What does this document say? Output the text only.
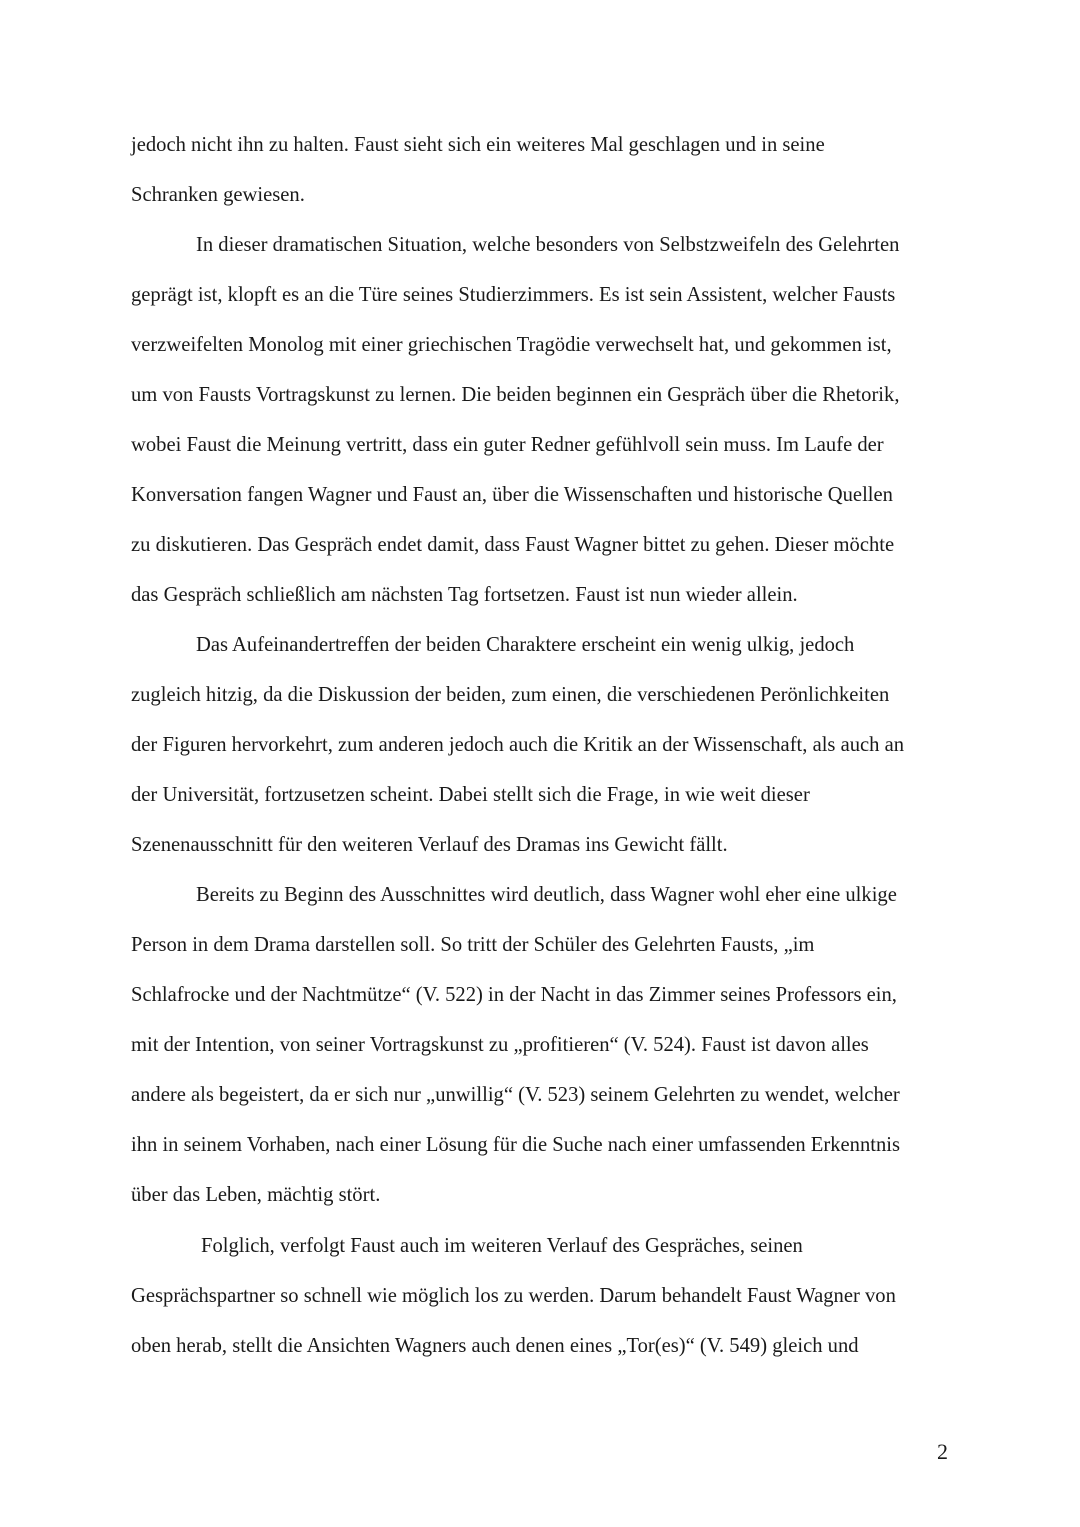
jedoch nicht ihn zu halten. Faust sieht sich ein weiteres Mal geschlagen und in seine
Schranken gewiesen.
In dieser dramatischen Situation, welche besonders von Selbstzweifeln des Gelehrten
geprägt ist, klopft es an die Türe seines Studierzimmers. Es ist sein Assistent, welcher Fausts
verzweifelten Monolog mit einer griechischen Tragödie verwechselt hat, und gekommen ist,
um von Fausts Vortragskunst zu lernen. Die beiden beginnen ein Gespräch über die Rhetorik,
wobei Faust die Meinung vertritt, dass ein guter Redner gefühlvoll sein muss. Im Laufe der
Konversation fangen Wagner und Faust an, über die Wissenschaften und historische Quellen
zu diskutieren. Das Gespräch endet damit, dass Faust Wagner bittet zu gehen. Dieser möchte
das Gespräch schließlich am nächsten Tag fortsetzen. Faust ist nun wieder allein.
Das Aufeinandertreffen der beiden Charaktere erscheint ein wenig ulkig, jedoch
zugleich hitzig, da die Diskussion der beiden, zum einen, die verschiedenen Perönlichkeiten
der Figuren hervorkehrt, zum anderen jedoch auch die Kritik an der Wissenschaft, als auch an
der Universität, fortzusetzen scheint. Dabei stellt sich die Frage, in wie weit dieser
Szenenausschnitt für den weiteren Verlauf des Dramas ins Gewicht fällt.
Bereits zu Beginn des Ausschnittes wird deutlich, dass Wagner wohl eher eine ulkige
Person in dem Drama darstellen soll. So tritt der Schüler des Gelehrten Fausts, „im
Schlafrocke und der Nachtmütze“ (V. 522) in der Nacht in das Zimmer seines Professors ein,
mit der Intention, von seiner Vortragskunst zu „profitieren“ (V. 524). Faust ist davon alles
andere als begeistert, da er sich nur „unwillig“ (V. 523) seinem Gelehrten zu wendet, welcher
ihn in seinem Vorhaben, nach einer Lösung für die Suche nach einer umfassenden Erkenntnis
über das Leben, mächtig stört.
Folglich, verfolgt Faust auch im weiteren Verlauf des Gespräches, seinen
Gesprächspartner so schnell wie möglich los zu werden. Darum behandelt Faust Wagner von
oben herab, stellt die Ansichten Wagners auch denen eines „Tor(es)“ (V. 549) gleich und
2
